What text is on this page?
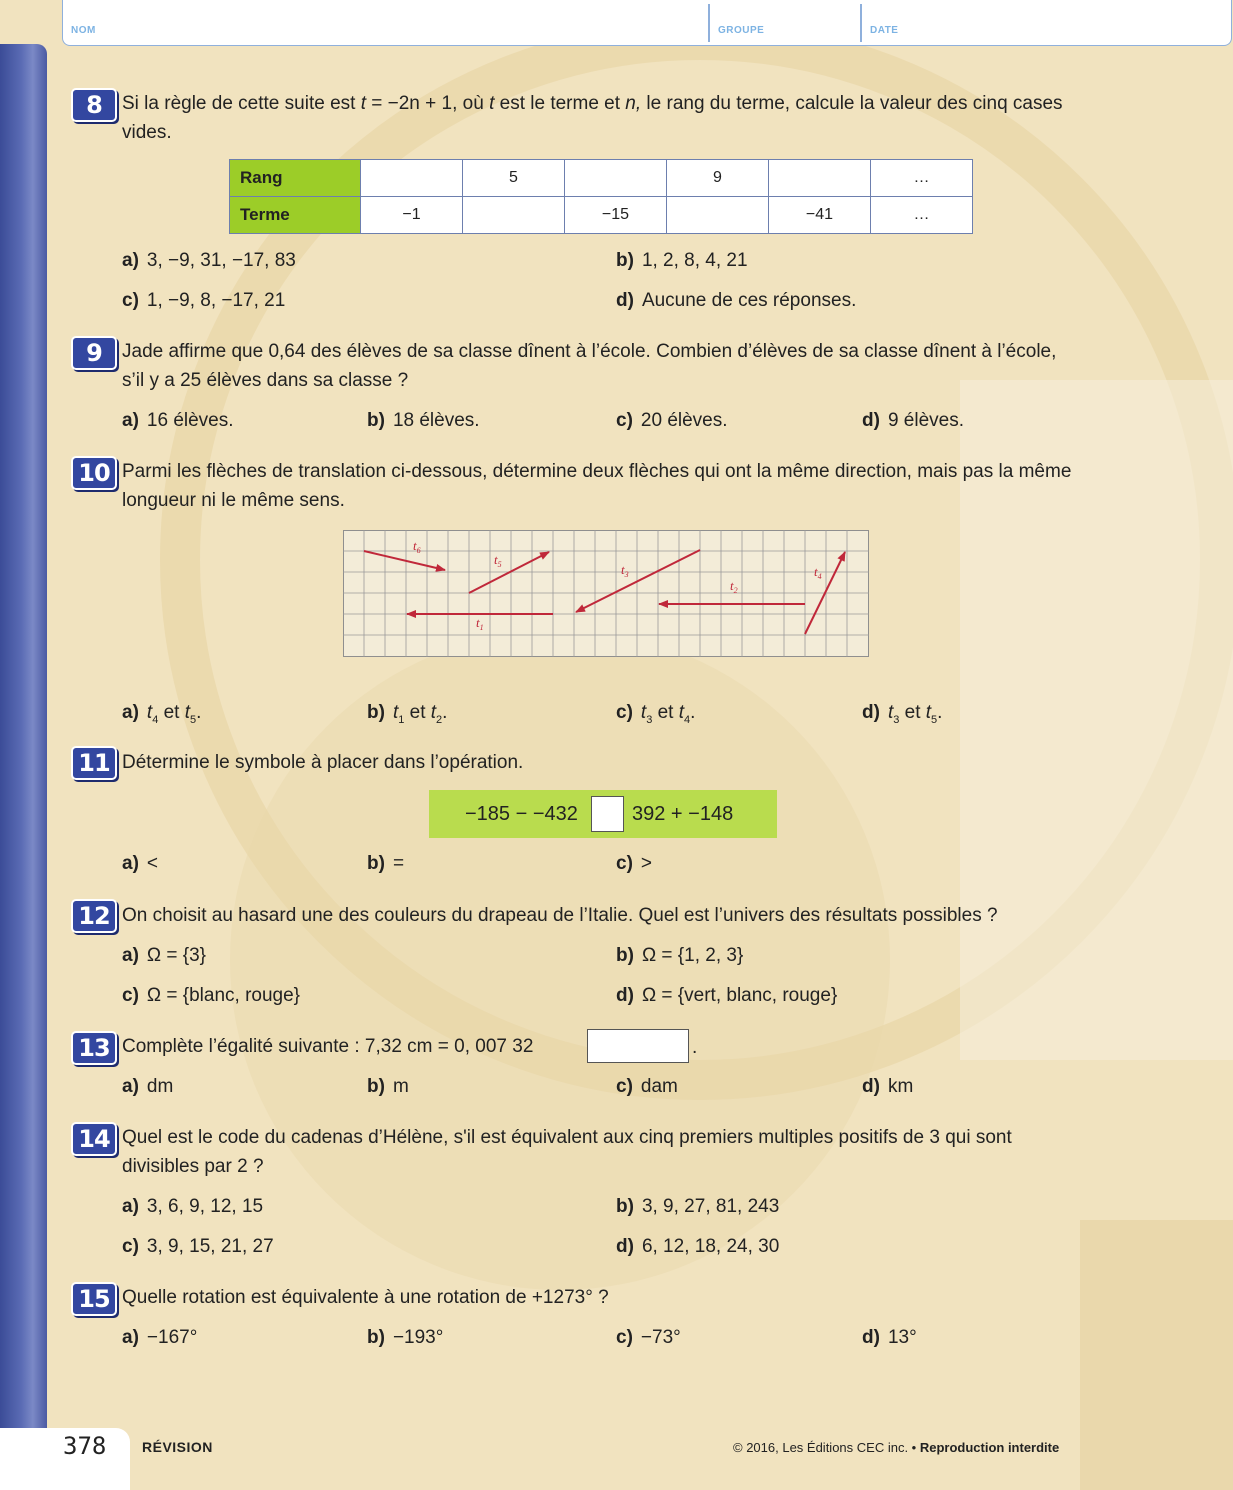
NOM	GROUPE	DATE
8	Si la règle de cette suite est t = −2n + 1, où t est le terme et n, le rang du terme, calcule la valeur des cinq cases vides.
Rang		5		9		…
Terme	−1		−15		−41	…
a) 3, −9, 31, −17, 83	b) 1, 2, 8, 4, 21
c) 1, −9, 8, −17, 21	d) Aucune de ces réponses.
9	Jade affirme que 0,64 des élèves de sa classe dînent à l’école. Combien d’élèves de sa classe dînent à l’école, s’il y a 25 élèves dans sa classe ?
a) 16 élèves.	b) 18 élèves.	c) 20 élèves.	d) 9 élèves.
10 Parmi les flèches de translation ci-dessous, détermine deux flèches qui ont la même direction, mais pas la même longueur ni le même sens.
$t_6$
$t_5$	$t_3$
$t_2$
$t_4$
$t_1$
a) $t_4$ et $t_5$.	b) $t_1$ et $t_2$.	c) $t_3$ et $t_4$.	d) $t_3$ et $t_5$.
11 Détermine le symbole à placer dans l’opération.
−185 − −432	392 + −148
a) <	b) =	c) >
12 On choisit au hasard une des couleurs du drapeau de l’Italie. Quel est l’univers des résultats possibles ?
a) Ω = {3}	b) Ω = {1, 2, 3}
c) Ω = {blanc, rouge}	d) Ω = {vert, blanc, rouge}
13 Complète l’égalité suivante : 7,32 cm = 0, 007 32	.
a) dm	b) m	c) dam	d) km
14 Quel est le code du cadenas d’Hélène, s'il est équivalent aux cinq premiers multiples positifs de 3 qui sont divisibles par 2 ?
a) 3, 6, 9, 12, 15	b) 3, 9, 27, 81, 243
c) 3, 9, 15, 21, 27	d) 6, 12, 18, 24, 30
15 Quelle rotation est équivalente à une rotation de +1273° ?
a) −167°	b) −193°	c) −73°	d) 13°
378	RÉVISION	© 2016, Les Éditions CEC inc. • Reproduction interdite
